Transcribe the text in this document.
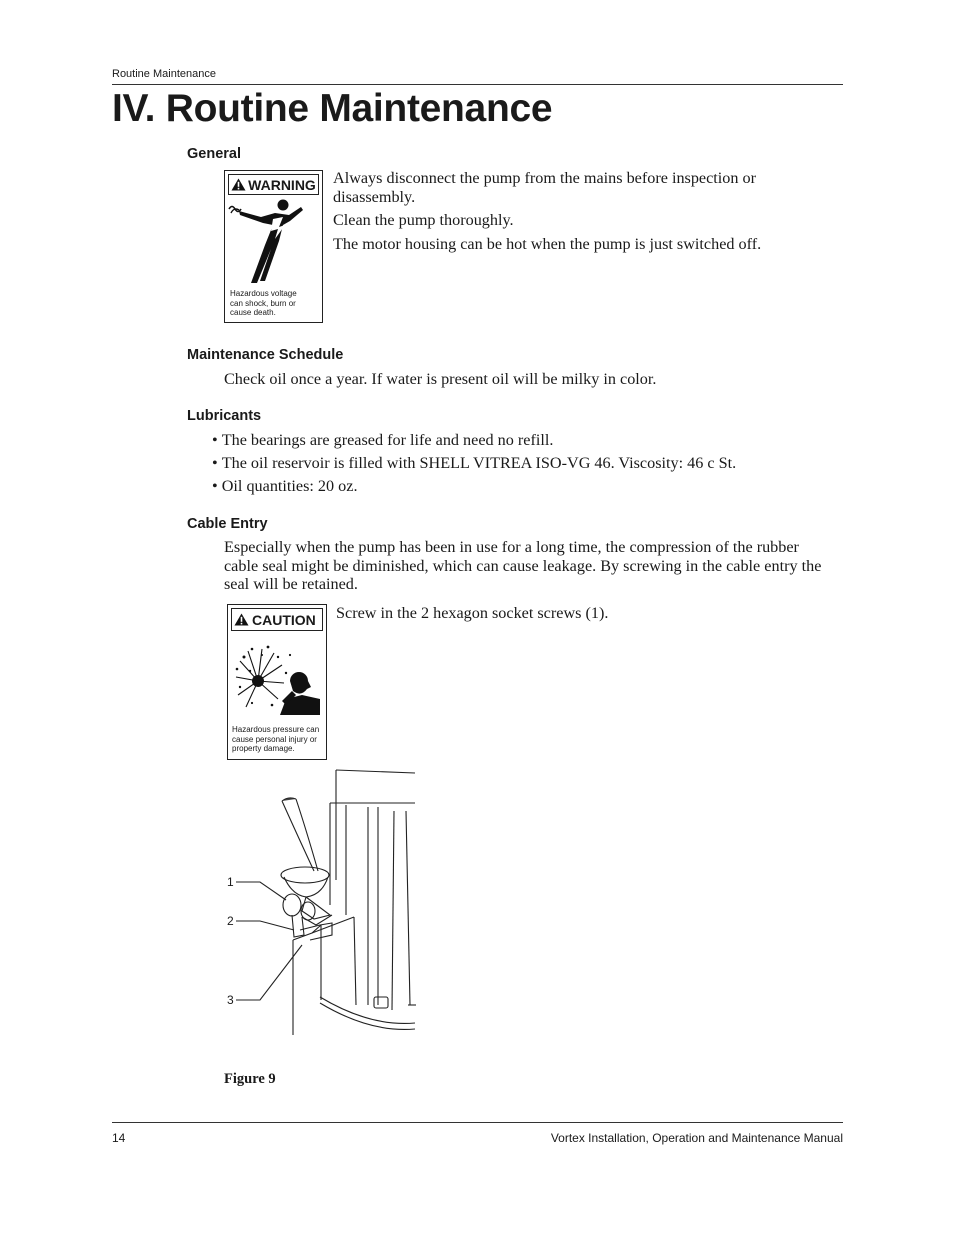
Routine Maintenance
IV. Routine Maintenance
General
WARNING
Hazardous voltage
can shock, burn or
cause death.

Always disconnect the pump from the mains before inspection or disassembly.

Clean the pump thoroughly.

The motor housing can be hot when the pump is just switched off.

Maintenance Schedule

Check oil once a year. If water is present oil will be milky in color.

Lubricants
• The bearings are greased for life and need no refill.
• The oil reservoir is filled with SHELL VITREA ISO-VG 46. Viscosity: 46 c St.
• Oil quantities: 20 oz.
Cable Entry

Especially when the pump has been in use for a long time, the compression of the rubber cable seal might be diminished, which can cause leakage. By screwing in the cable entry the seal will be retained.

CAUTION
Hazardous pressure can
cause personal injury or
property damage.

Screw in the 2 hexagon socket screws (1).

1
2
3
Figure 9
14	Vortex Installation, Operation and Maintenance Manual
